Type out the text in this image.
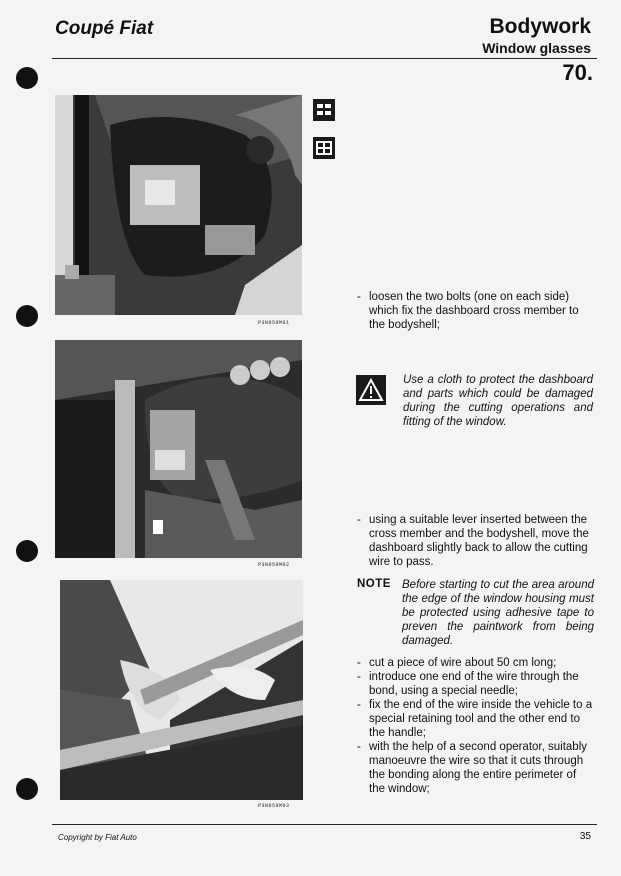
Coupé Fiat	Bodywork
Window glasses
70.
P3N059M01
P3N059M02
P3N059M03
- loosen the two bolts (one on each side) which fix the dashboard cross member to the bodyshell;

Use a cloth to protect the dashboard and parts which could be damaged during the cutting operations and fitting of the window.
- using a suitable lever inserted between the cross member and the bodyshell, move the dashboard slightly back to allow the cutting wire to pass.

NOTE Before starting to cut the area around the edge of the window housing must be protected using adhesive tape to preven the paintwork from being damaged.
- cut a piece of wire about 50 cm long;

- introduce one end of the wire through the bond, using a special needle;

- fix the end of the wire inside the vehicle to a special retaining tool and the other end to the handle;

- with the help of a second operator, suitably manoeuvre the wire so that it cuts through the bonding along the entire perimeter of the window;

Copyright by Fiat Auto	35
